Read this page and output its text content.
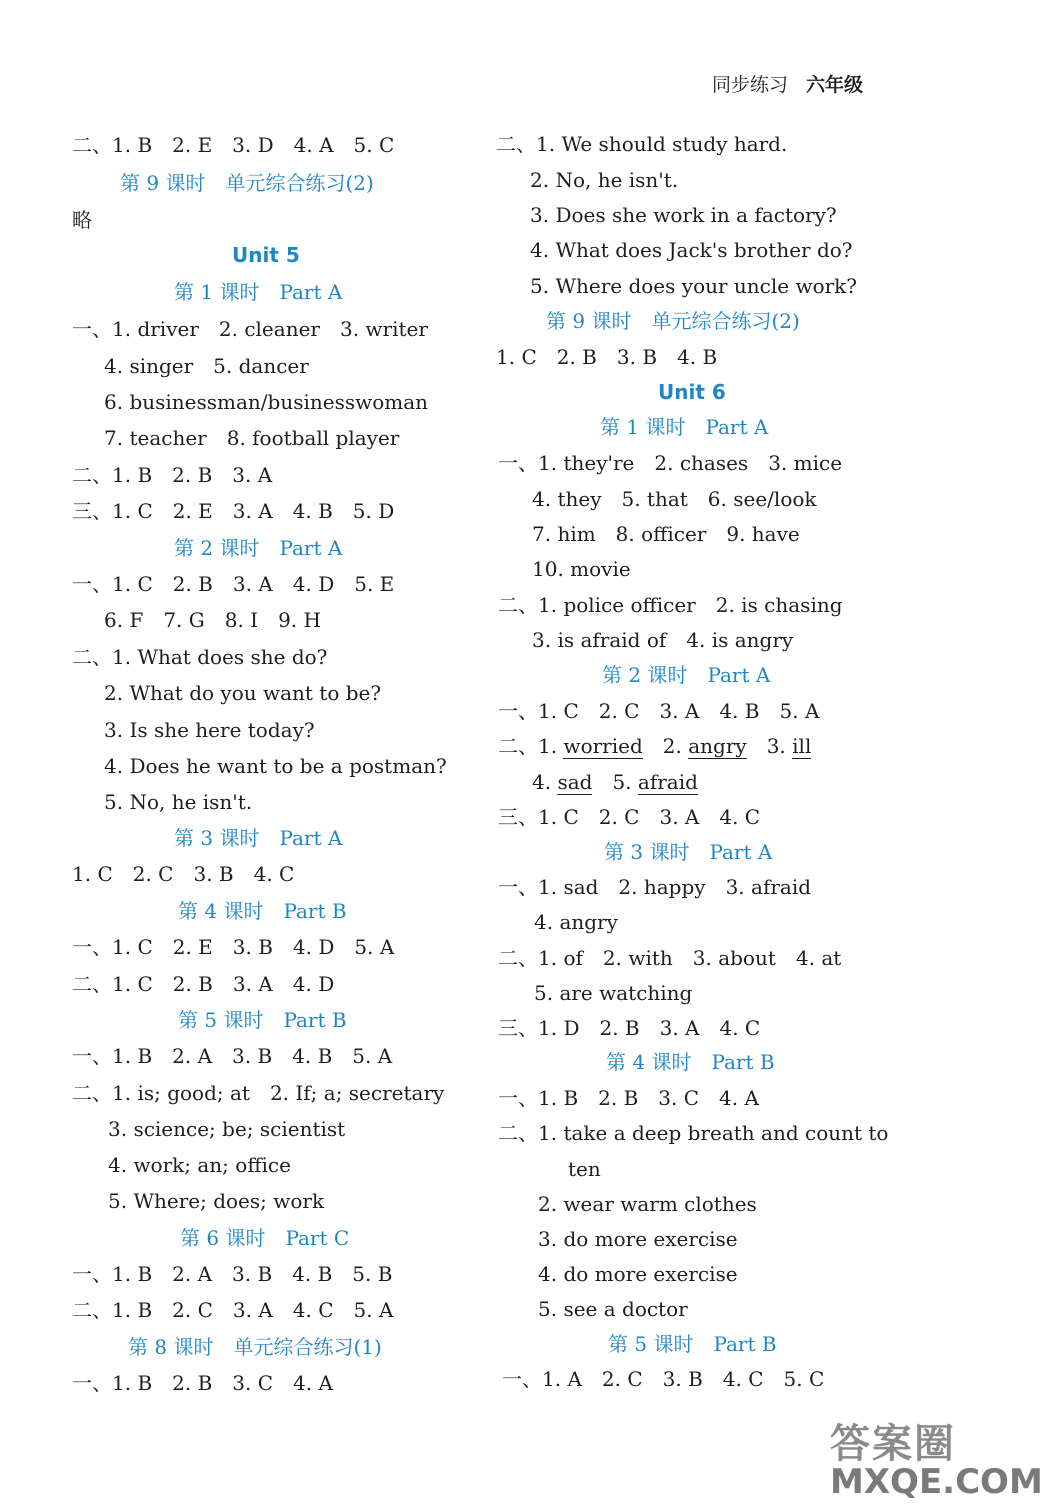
同步练习 六年级
二、1. B　2. E　3. D　4. A　5. C
第 9 课时　单元综合练习(2)
略
Unit 5
第 1 课时　Part A
一、1. driver　2. cleaner　3. writer
4. singer　5. dancer
6. businessman/businesswoman
7. teacher　8. football player
二、1. B　2. B　3. A
三、1. C　2. E　3. A　4. B　5. D
第 2 课时　Part A
一、1. C　2. B　3. A　4. D　5. E
6. F　7. G　8. I　9. H
二、1. What does she do?
2. What do you want to be?
3. Is she here today?
4. Does he want to be a postman?
5. No, he isn't.
第 3 课时　Part A
1. C　2. C　3. B　4. C
第 4 课时　Part B
一、1. C　2. E　3. B　4. D　5. A
二、1. C　2. B　3. A　4. D
第 5 课时　Part B
一、1. B　2. A　3. B　4. B　5. A
二、1. is; good; at　2. If; a; secretary
3. science; be; scientist
4. work; an; office
5. Where; does; work
第 6 课时　Part C
一、1. B　2. A　3. B　4. B　5. B
二、1. B　2. C　3. A　4. C　5. A
第 8 课时　单元综合练习(1)
一、1. B　2. B　3. C　4. A
二、1. We should study hard.
2. No, he isn't.
3. Does she work in a factory?
4. What does Jack's brother do?
5. Where does your uncle work?
第 9 课时　单元综合练习(2)
1. C　2. B　3. B　4. B
Unit 6
第 1 课时　Part A
一、1. they're　2. chases　3. mice
4. they　5. that　6. see/look
7. him　8. officer　9. have
10. movie
二、1. police officer　2. is chasing
3. is afraid of　4. is angry
第 2 课时　Part A
一、1. C　2. C　3. A　4. B　5. A
二、1. worried　2. angry　3. ill
4. sad　5. afraid
三、1. C　2. C　3. A　4. C
第 3 课时　Part A
一、1. sad　2. happy　3. afraid
4. angry
二、1. of　2. with　3. about　4. at
5. are watching
三、1. D　2. B　3. A　4. C
第 4 课时　Part B
一、1. B　2. B　3. C　4. A
二、1. take a deep breath and count to
ten
2. wear warm clothes
3. do more exercise
4. do more exercise
5. see a doctor
第 5 课时　Part B
一、1. A　2. C　3. B　4. C　5. C
答案圈
MXQE.COM
